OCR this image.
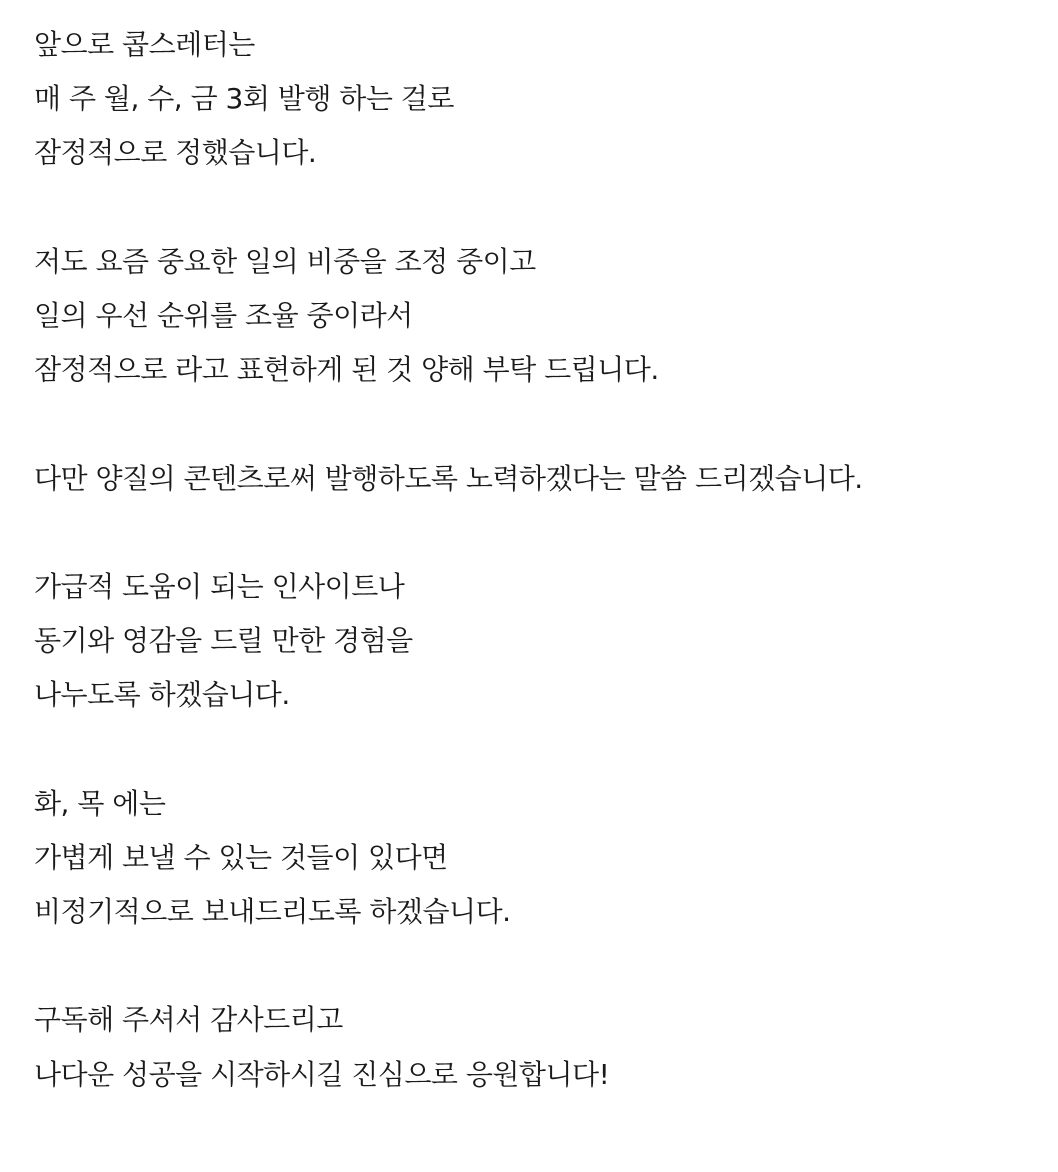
앞으로 콥스레터는
매 주 월, 수, 금 3회 발행 하는 걸로
잠정적으로 정했습니다.
저도 요즘 중요한 일의 비중을 조정 중이고
일의 우선 순위를 조율 중이라서
잠정적으로 라고 표현하게 된 것 양해 부탁 드립니다.
다만 양질의 콘텐츠로써 발행하도록 노력하겠다는 말씀 드리겠습니다.
가급적 도움이 되는 인사이트나
동기와 영감을 드릴 만한 경험을
나누도록 하겠습니다.
화, 목 에는
가볍게 보낼 수 있는 것들이 있다면
비정기적으로 보내드리도록 하겠습니다.
구독해 주셔서 감사드리고
나다운 성공을 시작하시길 진심으로 응원합니다!
